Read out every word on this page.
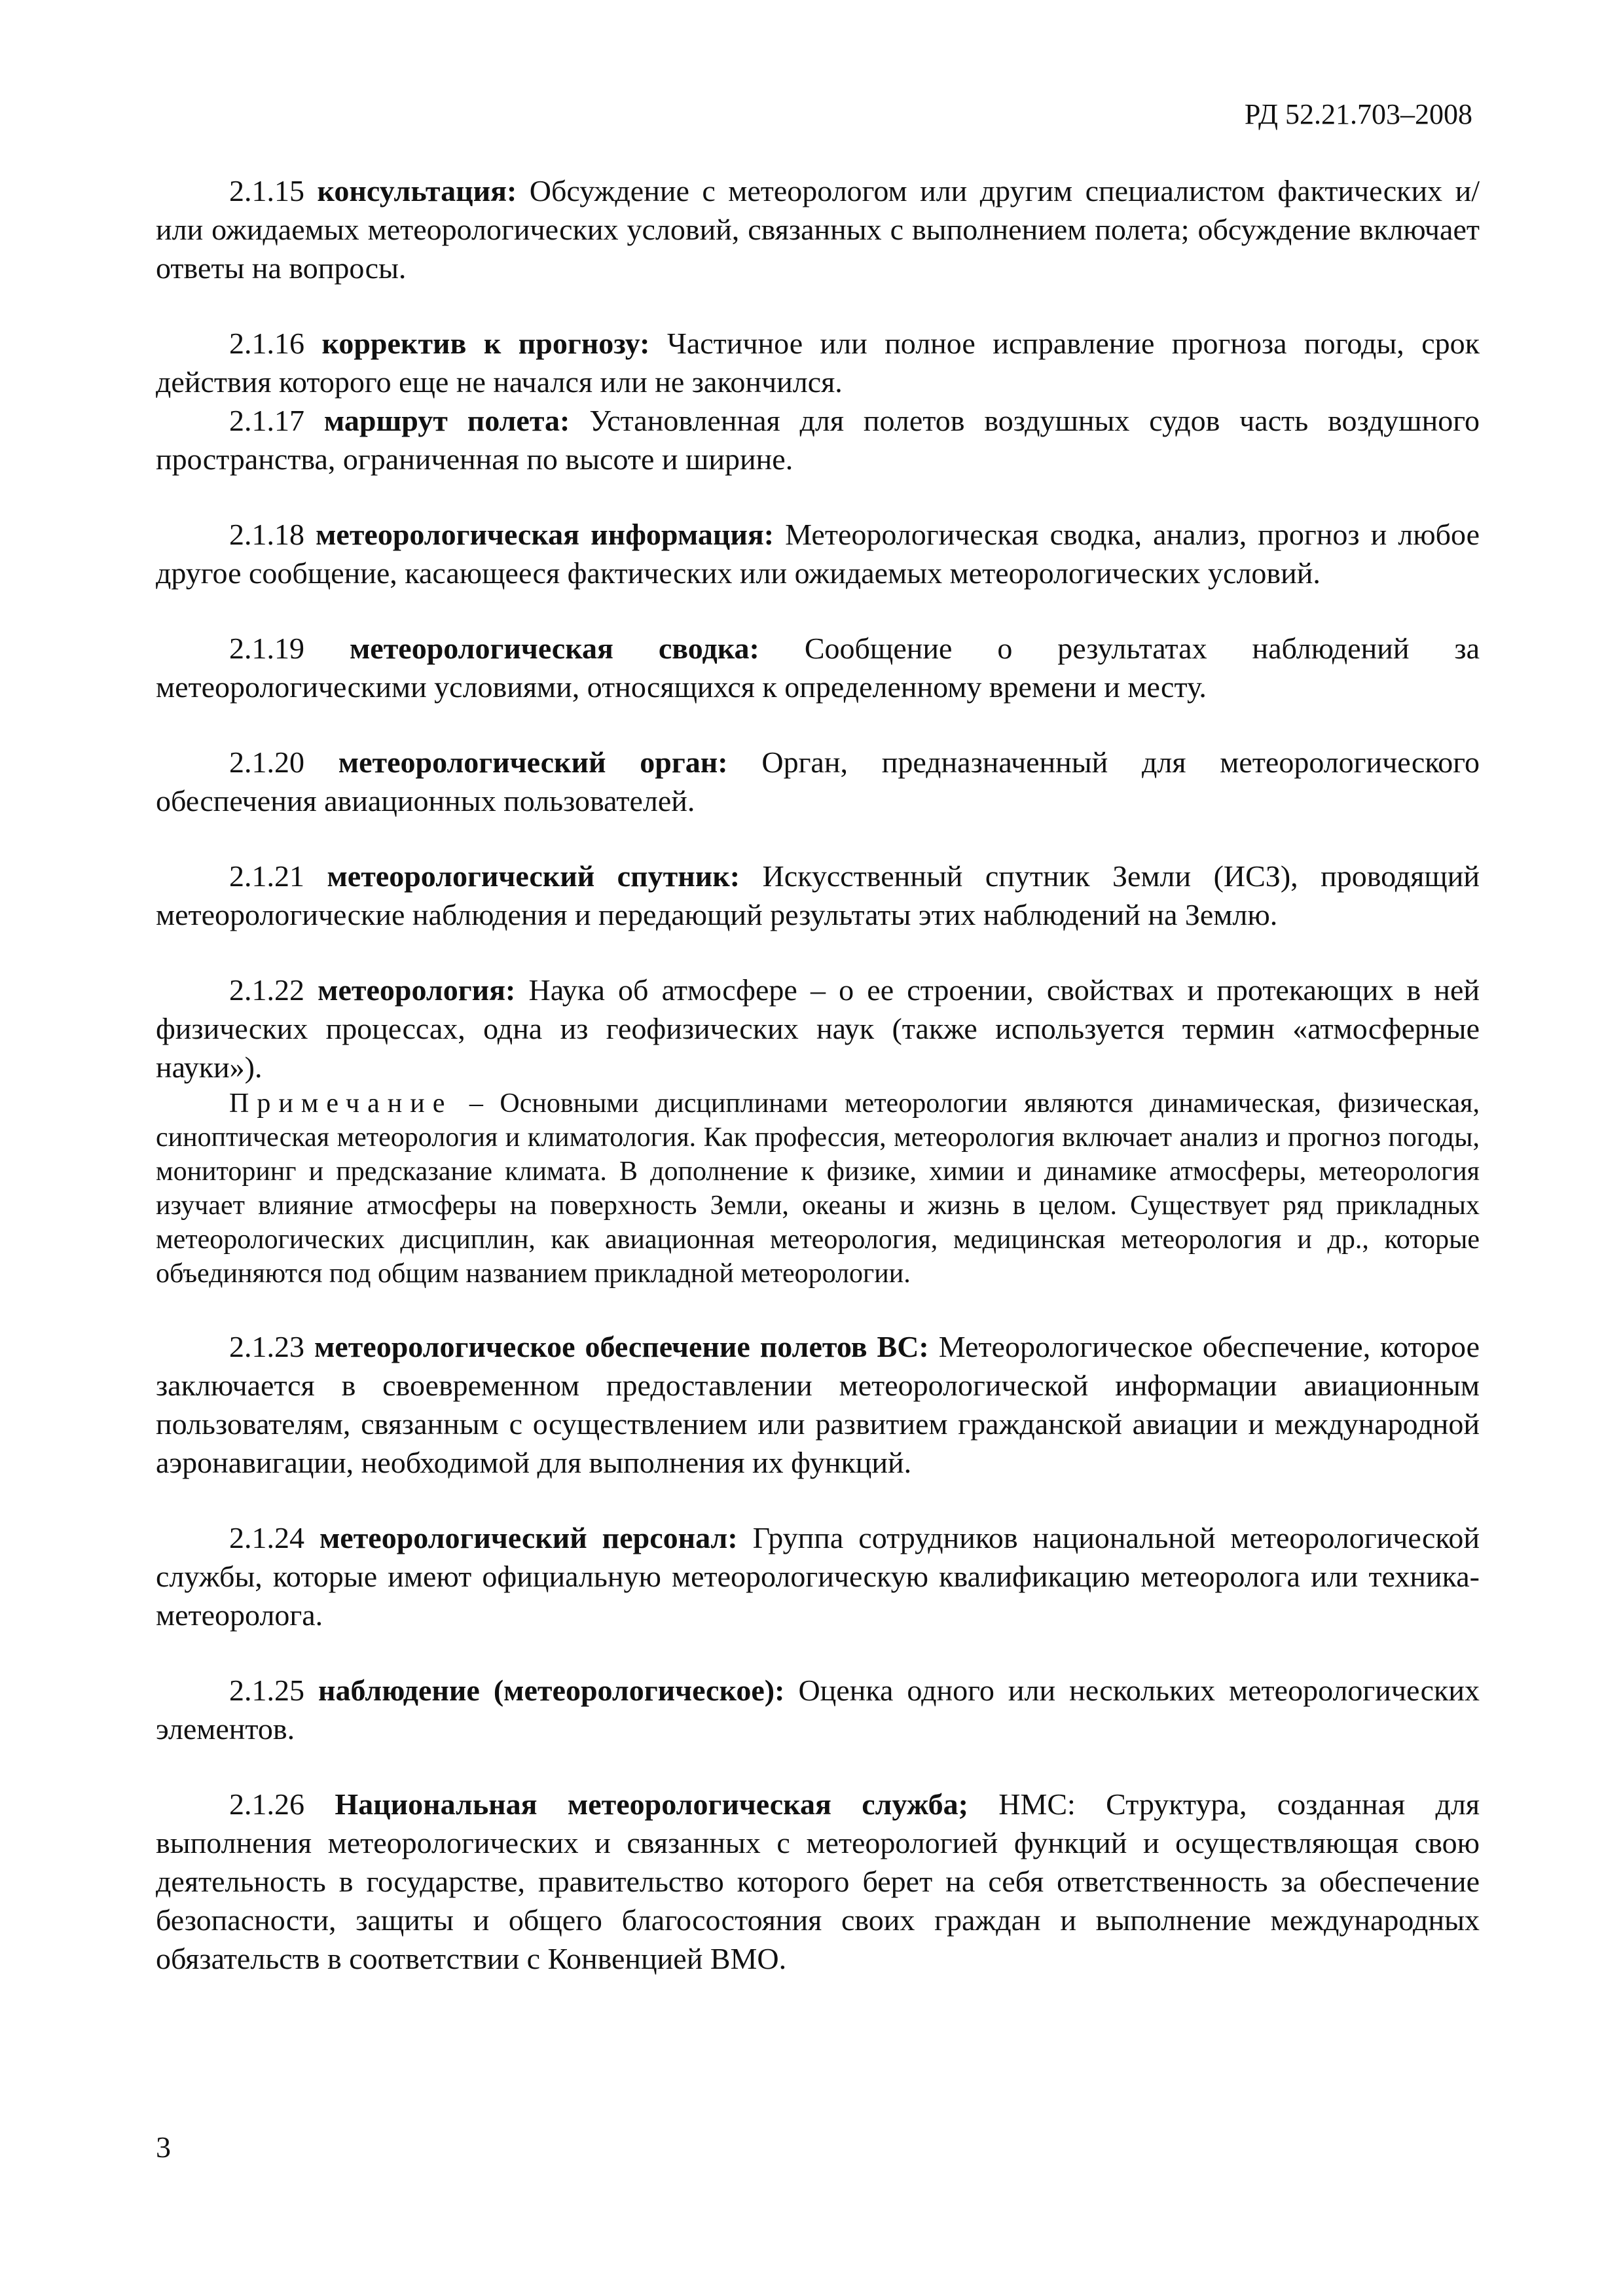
РД 52.21.703–2008

2.1.15 консультация: Обсуждение с метеорологом или другим специалистом фактических и/или ожидаемых метеорологических условий, связанных с выполнением полета; обсуждение включает ответы на вопросы.

2.1.16 корректив к прогнозу: Частичное или полное исправление прогноза погоды, срок действия которого еще не начался или не закончился.

2.1.17 маршрут полета: Установленная для полетов воздушных судов часть воздушного пространства, ограниченная по высоте и ширине.

2.1.18 метеорологическая информация: Метеорологическая сводка, анализ, прогноз и любое другое сообщение, касающееся фактических или ожидаемых метеорологических условий.

2.1.19 метеорологическая сводка: Сообщение о результатах наблюдений за метеорологическими условиями, относящихся к определенному времени и месту.

2.1.20 метеорологический орган: Орган, предназначенный для метеорологического обеспечения авиационных пользователей.

2.1.21 метеорологический спутник: Искусственный спутник Земли (ИСЗ), проводящий метеорологические наблюдения и передающий результаты этих наблюдений на Землю.

2.1.22 метеорология: Наука об атмосфере – о ее строении, свойствах и протекающих в ней физических процессах, одна из геофизических наук (также используется термин «атмосферные науки»).

Примечание – Основными дисциплинами метеорологии являются динамическая, физическая, синоптическая метеорология и климатология. Как профессия, метеорология включает анализ и прогноз погоды, мониторинг и предсказание климата. В дополнение к физике, химии и динамике атмосферы, метеорология изучает влияние атмосферы на поверхность Земли, океаны и жизнь в целом. Существует ряд прикладных метеорологических дисциплин, как авиационная метеорология, медицинская метеорология и др., которые объединяются под общим названием прикладной метеорологии.

2.1.23 метеорологическое обеспечение полетов ВС: Метеорологическое обеспечение, которое заключается в своевременном предоставлении метеорологической информации авиационным пользователям, связанным с осуществлением или развитием гражданской авиации и международной аэронавигации, необходимой для выполнения их функций.

2.1.24 метеорологический персонал: Группа сотрудников национальной метеорологической службы, которые имеют официальную метеорологическую квалификацию метеоролога или техника-метеоролога.

2.1.25 наблюдение (метеорологическое): Оценка одного или нескольких метеорологических элементов.

2.1.26 Национальная метеорологическая служба; НМС: Структура, созданная для выполнения метеорологических и связанных с метеорологией функций и осуществляющая свою деятельность в государстве, правительство которого берет на себя ответственность за обеспечение безопасности, защиты и общего благосостояния своих граждан и выполнение международных обязательств в соответствии с Конвенцией ВМО.

3
